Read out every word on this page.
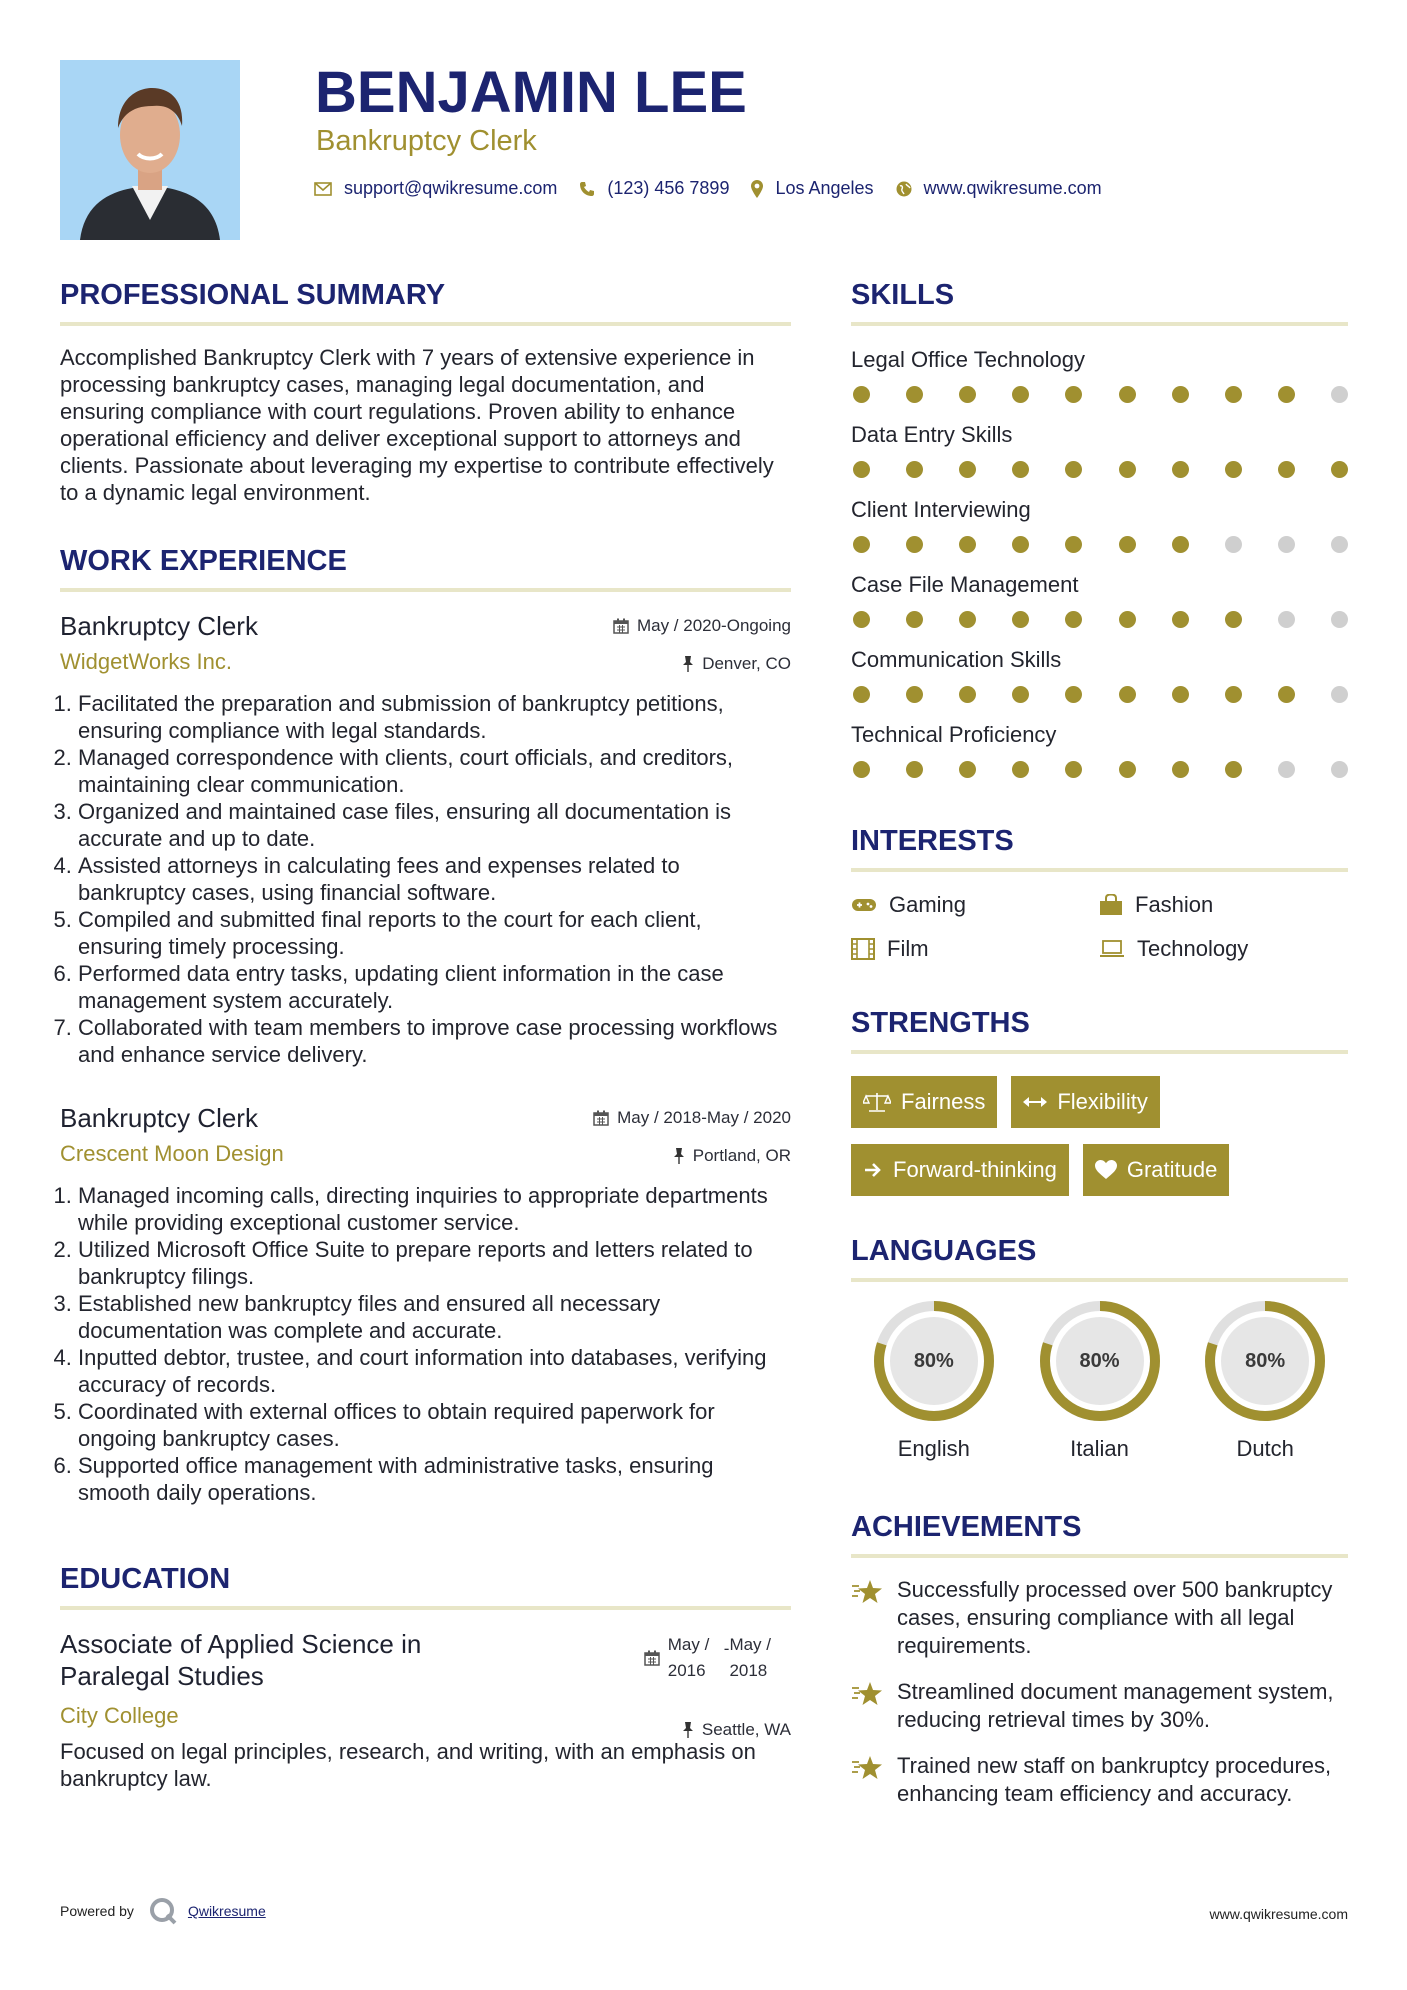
BENJAMIN LEE
Bankruptcy Clerk
support@qwikresume.com	(123) 456 7899	Los Angeles	www.qwikresume.com
PROFESSIONAL SUMMARY
Accomplished Bankruptcy Clerk with 7 years of extensive experience in processing bankruptcy cases, managing legal documentation, and ensuring compliance with court regulations. Proven ability to enhance operational efficiency and deliver exceptional support to attorneys and clients. Passionate about leveraging my expertise to contribute effectively to a dynamic legal environment.
WORK EXPERIENCE
Bankruptcy Clerk	May / 2020-Ongoing
WidgetWorks Inc.	Denver, CO
1. Facilitated the preparation and submission of bankruptcy petitions, ensuring compliance with legal standards.
2. Managed correspondence with clients, court officials, and creditors, maintaining clear communication.
3. Organized and maintained case files, ensuring all documentation is accurate and up to date.
4. Assisted attorneys in calculating fees and expenses related to bankruptcy cases, using financial software.
5. Compiled and submitted final reports to the court for each client, ensuring timely processing.
6. Performed data entry tasks, updating client information in the case management system accurately.
7. Collaborated with team members to improve case processing workflows and enhance service delivery.
Bankruptcy Clerk	May / 2018-May / 2020
Crescent Moon Design	Portland, OR
1. Managed incoming calls, directing inquiries to appropriate departments while providing exceptional customer service.
2. Utilized Microsoft Office Suite to prepare reports and letters related to bankruptcy filings.
3. Established new bankruptcy files and ensured all necessary documentation was complete and accurate.
4. Inputted debtor, trustee, and court information into databases, verifying accuracy of records.
5. Coordinated with external offices to obtain required paperwork for ongoing bankruptcy cases.
6. Supported office management with administrative tasks, ensuring smooth daily operations.
EDUCATION
Associate of Applied Science in Paralegal Studies
May /
2016
- May /
2018
City College
Seattle, WA
Focused on legal principles, research, and writing, with an emphasis on bankruptcy law.
SKILLS
Legal Office Technology
Data Entry Skills
Client Interviewing
Case File Management
Communication Skills
Technical Proficiency
INTERESTS
Gaming	Fashion
Film	Technology
STRENGTHS
Fairness	Flexibility
Forward-thinking	Gratitude
LANGUAGES
80%
English
80%
Italian
80%
Dutch
ACHIEVEMENTS
Successfully processed over 500 bankruptcy cases, ensuring compliance with all legal requirements.
Streamlined document management system, reducing retrieval times by 30%.
Trained new staff on bankruptcy procedures, enhancing team efficiency and accuracy.
Powered by	Qwikresume	www.qwikresume.com
